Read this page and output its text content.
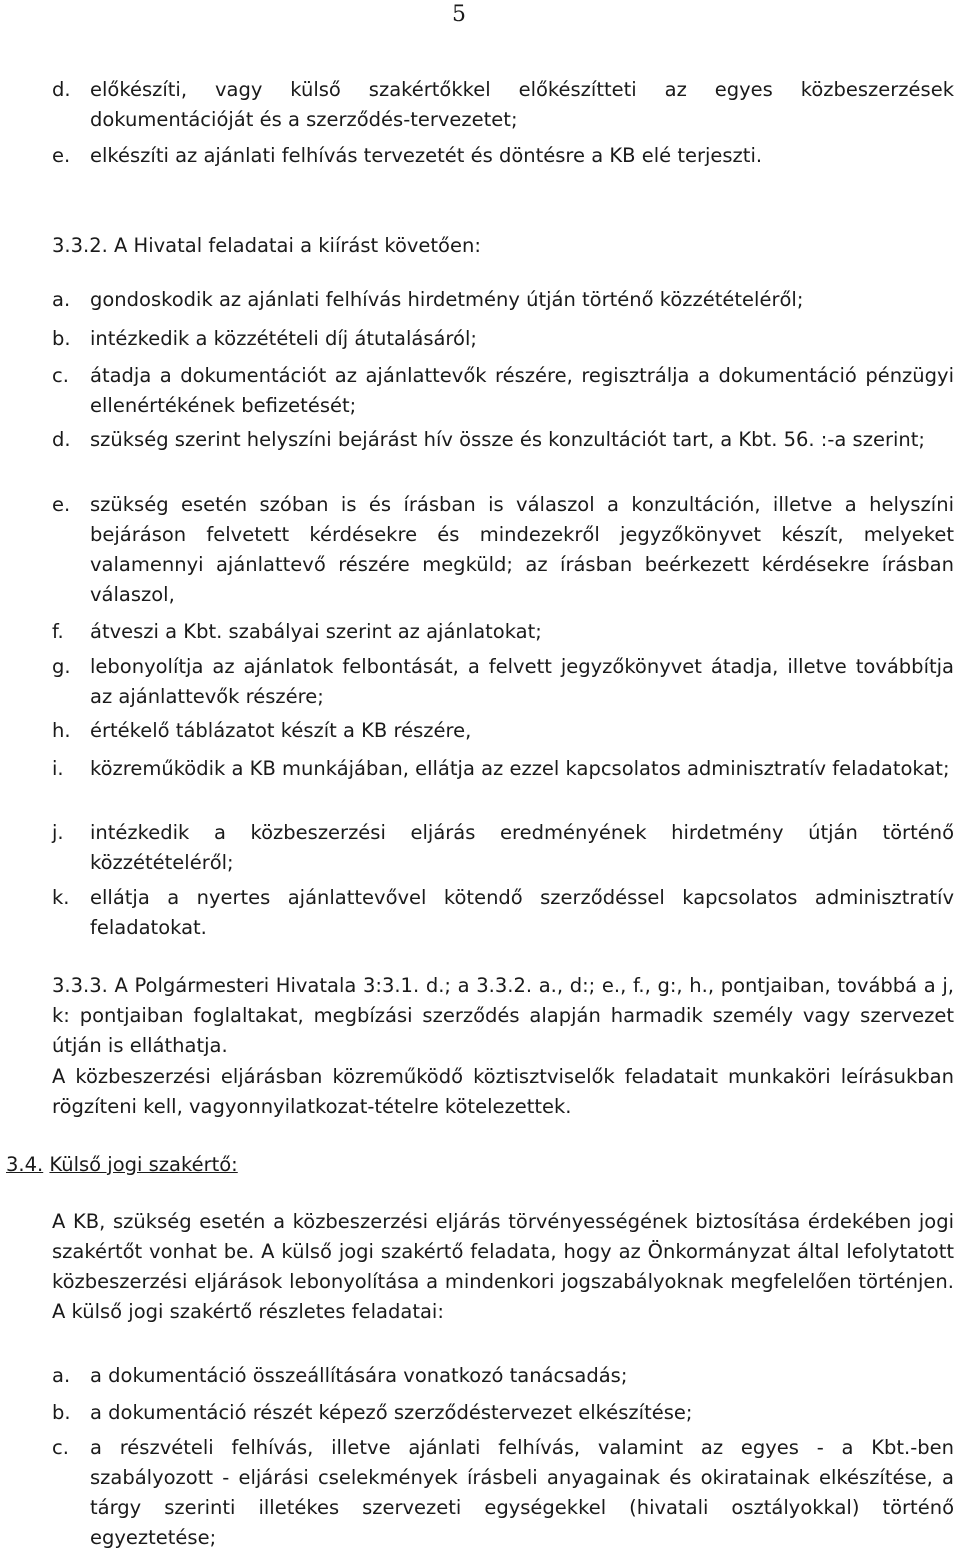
5
d. előkészíti, vagy külső szakértőkkel előkészítteti az egyes közbeszerzések dokumentációját és a szerződés-tervezetet;
e. elkészíti az ajánlati felhívás tervezetét és döntésre a KB elé terjeszti.
3.3.2. A Hivatal feladatai a kiírást követően:
a. gondoskodik az ajánlati felhívás hirdetmény útján történő közzétételéről;
b. intézkedik a közzétételi díj átutalásáról;
c. átadja a dokumentációt az ajánlattevők részére, regisztrálja a dokumentáció pénzügyi ellenértékének befizetését;
d. szükség szerint helyszíni bejárást hív össze és konzultációt tart, a Kbt. 56. :-a szerint;
e. szükség esetén szóban is és írásban is válaszol a konzultáción, illetve a helyszíni bejáráson felvetett kérdésekre és mindezekről jegyzőkönyvet készít, melyeket valamennyi ajánlattevő részére megküld; az írásban beérkezett kérdésekre írásban válaszol,
f. átveszi a Kbt. szabályai szerint az ajánlatokat;
g. lebonyolítja az ajánlatok felbontását, a felvett jegyzőkönyvet átadja, illetve továbbítja az ajánlattevők részére;
h. értékelő táblázatot készít a KB részére,
i. közreműködik a KB munkájában, ellátja az ezzel kapcsolatos adminisztratív feladatokat;
j. intézkedik a közbeszerzési eljárás eredményének hirdetmény útján történő közzétételéről;
k. ellátja a nyertes ajánlattevővel kötendő szerződéssel kapcsolatos adminisztratív feladatokat.
3.3.3. A Polgármesteri Hivatala 3:3.1. d.; a 3.3.2. a., d:; e., f., g:, h., pontjaiban, továbbá a j, k: pontjaiban foglaltakat, megbízási szerződés alapján harmadik személy vagy szervezet útján is elláthatja.
A közbeszerzési eljárásban közreműködő köztisztviselők feladatait munkaköri leírásukban rögzíteni kell, vagyonnyilatkozat-tételre kötelezettek.
3.4. Külső jogi szakértő:
A KB, szükség esetén a közbeszerzési eljárás törvényességének biztosítása érdekében jogi szakértőt vonhat be. A külső jogi szakértő feladata, hogy az Önkormányzat által lefolytatott közbeszerzési eljárások lebonyolítása a mindenkori jogszabályoknak megfelelően történjen. A külső jogi szakértő részletes feladatai:
a. a dokumentáció összeállítására vonatkozó tanácsadás;
b. a dokumentáció részét képező szerződéstervezet elkészítése;
c. a részvételi felhívás, illetve ajánlati felhívás, valamint az egyes - a Kbt.-ben szabályozott - eljárási cselekmények írásbeli anyagainak és okiratainak elkészítése, a tárgy szerinti illetékes szervezeti egységekkel (hivatali osztályokkal) történő egyeztetése;
